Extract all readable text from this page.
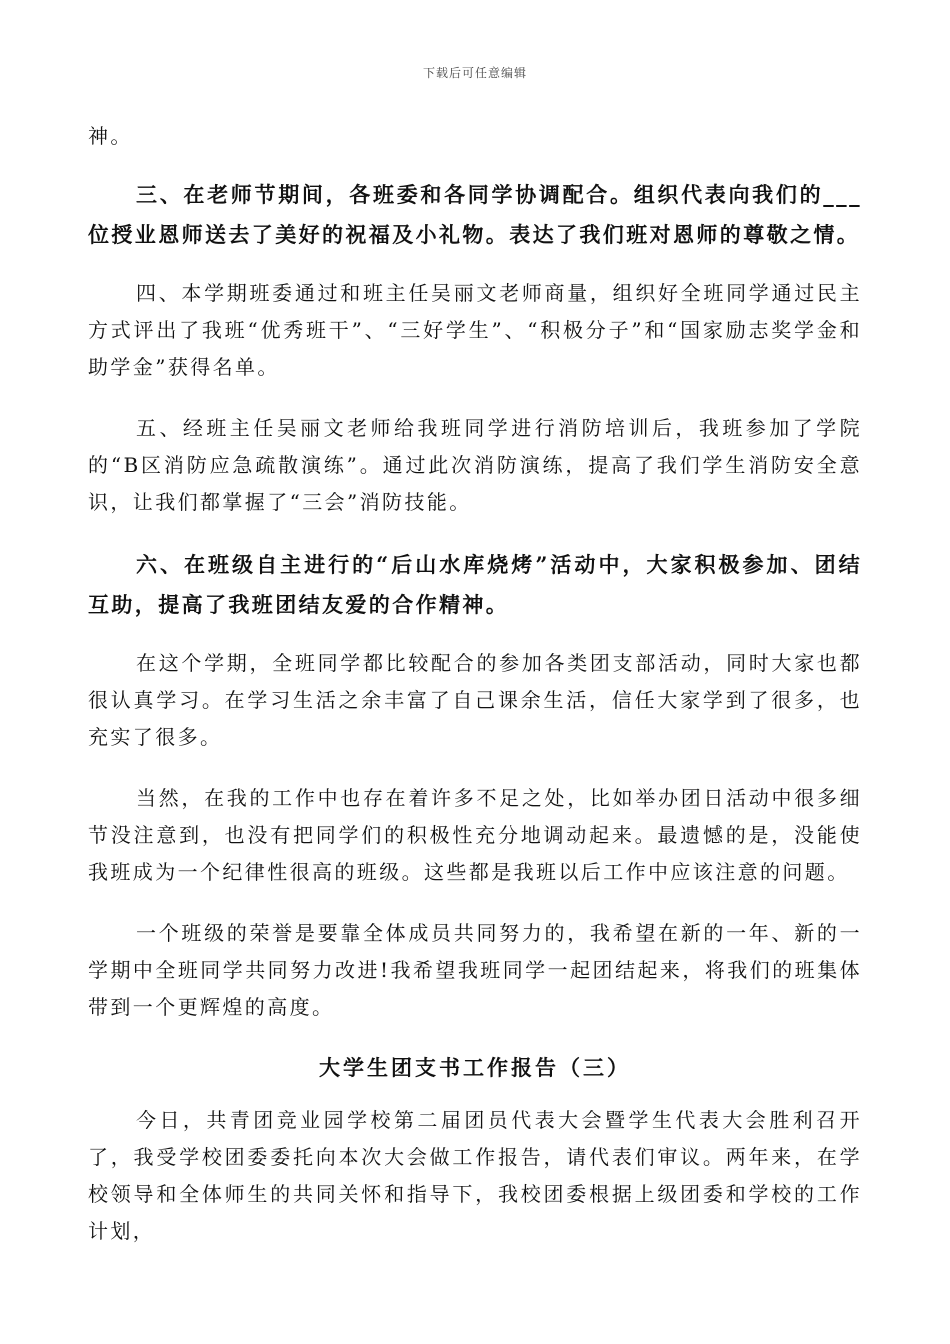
下载后可任意编辑

神。

三、在老师节期间，各班委和各同学协调配合。组织代表向我们的___位授业恩师送去了美好的祝福及小礼物。表达了我们班对恩师的尊敬之情。

四、本学期班委通过和班主任吴丽文老师商量，组织好全班同学通过民主方式评出了我班“优秀班干”、“三好学生”、“积极分子”和“国家励志奖学金和助学金”获得名单。

五、经班主任吴丽文老师给我班同学进行消防培训后，我班参加了学院的“B区消防应急疏散演练”。通过此次消防演练，提高了我们学生消防安全意识，让我们都掌握了“三会”消防技能。

六、在班级自主进行的“后山水库烧烤”活动中，大家积极参加、团结互助，提高了我班团结友爱的合作精神。

在这个学期，全班同学都比较配合的参加各类团支部活动，同时大家也都很认真学习。在学习生活之余丰富了自己课余生活，信任大家学到了很多，也充实了很多。

当然，在我的工作中也存在着许多不足之处，比如举办团日活动中很多细节没注意到，也没有把同学们的积极性充分地调动起来。最遗憾的是，没能使我班成为一个纪律性很高的班级。这些都是我班以后工作中应该注意的问题。

一个班级的荣誉是要靠全体成员共同努力的，我希望在新的一年、新的一学期中全班同学共同努力改进!我希望我班同学一起团结起来，将我们的班集体带到一个更辉煌的高度。

大学生团支书工作报告（三）

今日，共青团竞业园学校第二届团员代表大会暨学生代表大会胜利召开了，我受学校团委委托向本次大会做工作报告，请代表们审议。两年来，在学校领导和全体师生的共同关怀和指导下，我校团委根据上级团委和学校的工作计划，
